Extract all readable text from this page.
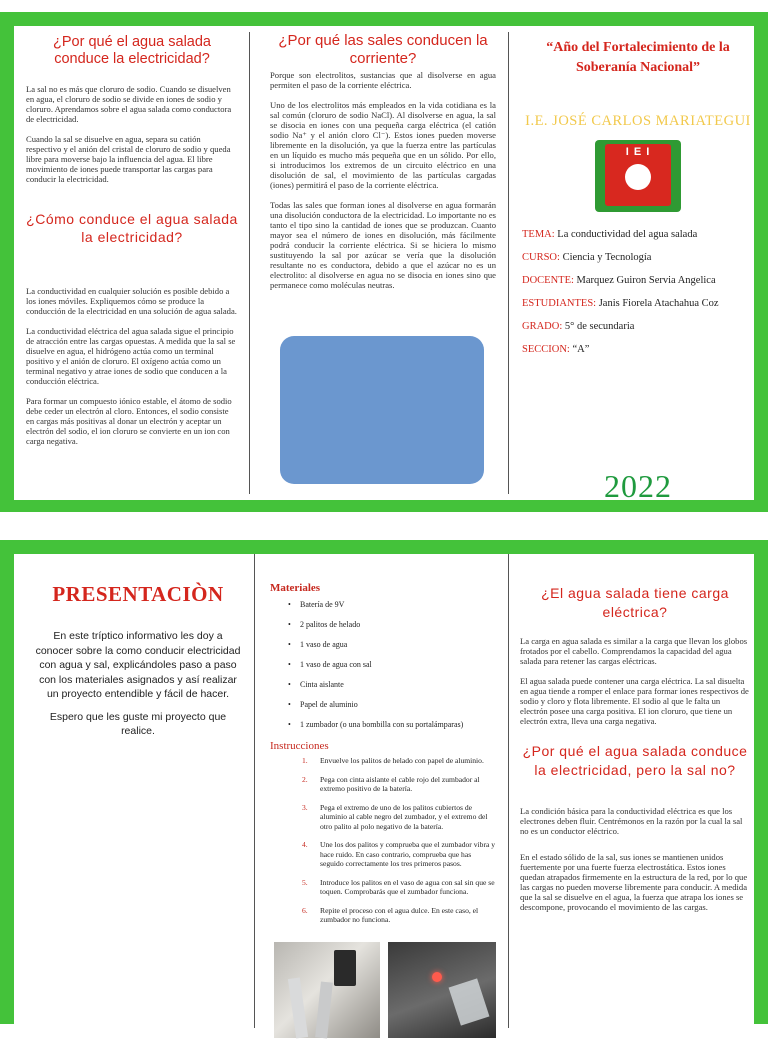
¿Por qué el agua salada conduce la electricidad?

La sal no es más que cloruro de sodio. Cuando se disuelven en agua, el cloruro de sodio se divide en iones de sodio y cloruro. Aprendamos sobre el agua salada como conductora de electricidad.

Cuando la sal se disuelve en agua, separa su catión respectivo y el anión del cristal de cloruro de sodio y queda libre para moverse bajo la influencia del agua. El libre movimiento de iones puede transportar las cargas para conducir la electricidad.

¿Cómo conduce el agua salada la electricidad?

La conductividad en cualquier solución es posible debido a los iones móviles. Expliquemos cómo se produce la conducción de la electricidad en una solución de agua salada.

La conductividad eléctrica del agua salada sigue el principio de atracción entre las cargas opuestas. A medida que la sal se disuelve en agua, el hidrógeno actúa como un terminal positivo y el anión de cloruro. El oxígeno actúa como un terminal negativo y atrae iones de sodio que conducen a la conducción eléctrica.

Para formar un compuesto iónico estable, el átomo de sodio debe ceder un electrón al cloro. Entonces, el sodio consiste en cargas más positivas al donar un electrón y aceptar un electrón del sodio, el ion cloruro se convierte en un ion con carga negativa.

¿Por qué las sales conducen la corriente?

Porque son electrolitos, sustancias que al disolverse en agua permiten el paso de la corriente eléctrica.

Uno de los electrolitos más empleados en la vida cotidiana es la sal común (cloruro de sodio NaCl). Al disolverse en agua, la sal se disocia en iones con una pequeña carga eléctrica (el catión sodio Na⁺ y el anión cloro Cl⁻). Estos iones pueden moverse libremente en la disolución, ya que la fuerza entre las partículas en un líquido es mucho más pequeña que en un sólido. Por ello, si introducimos los extremos de un circuito eléctrico en una disolución de sal, el movimiento de las partículas cargadas (iones) permitirá el paso de la corriente eléctrica.

Todas las sales que forman iones al disolverse en agua formarán una disolución conductora de la electricidad. Lo importante no es tanto el tipo sino la cantidad de iones que se produzcan. Cuanto mayor sea el número de iones en disolución, más fácilmente podrá conducir la corriente eléctrica. Si se hiciera lo mismo sustituyendo la sal por azúcar se vería que la disolución resultante no es conductora, debido a que el azúcar no es un electrolito: al disolverse en agua no se disocia en iones sino que permanece como moléculas neutras.

“Año del Fortalecimiento de la Soberanía Nacional”
I.E. JOSÉ CARLOS MARIATEGUI
I E I
TEMA: La conductividad del agua salada
CURSO: Ciencia y Tecnología
DOCENTE: Marquez Guiron Servia Angelica
ESTUDIANTES: Janis Fiorela Atachahua Coz
GRADO: 5° de secundaria
SECCION: “A”
2022
PRESENTACIÒN

En este tríptico informativo les doy a conocer sobre la como conducir electricidad con agua y sal, explicándoles paso a paso con los materiales asignados y así realizar un proyecto entendible y fácil de hacer.

Espero que les guste mi proyecto que realice.

Materiales
• Batería de 9V
• 2 palitos de helado
• 1 vaso de agua
• 1 vaso de agua con sal
• Cinta aislante
• Papel de aluminio
• 1 zumbador (o una bombilla con su portalámparas)
Instrucciones
1. Envuelve los palitos de helado con papel de aluminio.
2. Pega con cinta aislante el cable rojo del zumbador al extremo positivo de la batería.
3. Pega el extremo de uno de los palitos cubiertos de aluminio al cable negro del zumbador, y el extremo del otro palito al polo negativo de la batería.
4. Une los dos palitos y comprueba que el zumbador vibra y hace ruido. En caso contrario, comprueba que has seguido correctamente los tres primeros pasos.
5. Introduce los palitos en el vaso de agua con sal sin que se toquen. Comprobarás que el zumbador funciona.
6. Repite el proceso con el agua dulce. En este caso, el zumbador no funciona.
¿El agua salada tiene carga eléctrica?

La carga en agua salada es similar a la carga que llevan los globos frotados por el cabello. Comprendamos la capacidad del agua salada para retener las cargas eléctricas.

El agua salada puede contener una carga eléctrica. La sal disuelta en agua tiende a romper el enlace para formar iones respectivos de sodio y cloro y flota libremente. El sodio al que le falta un electrón posee una carga positiva. El ion cloruro, que tiene un electrón extra, lleva una carga negativa.

¿Por qué el agua salada conduce la electricidad, pero la sal no?

La condición básica para la conductividad eléctrica es que los electrones deben fluir. Centrémonos en la razón por la cual la sal no es un conductor eléctrico.

En el estado sólido de la sal, sus iones se mantienen unidos fuertemente por una fuerte fuerza electrostática. Estos iones quedan atrapados firmemente en la estructura de la red, por lo que las cargas no pueden moverse libremente para conducir. A medida que la sal se disuelve en el agua, la fuerza que atrapa los iones se descompone, provocando el movimiento de las cargas.
